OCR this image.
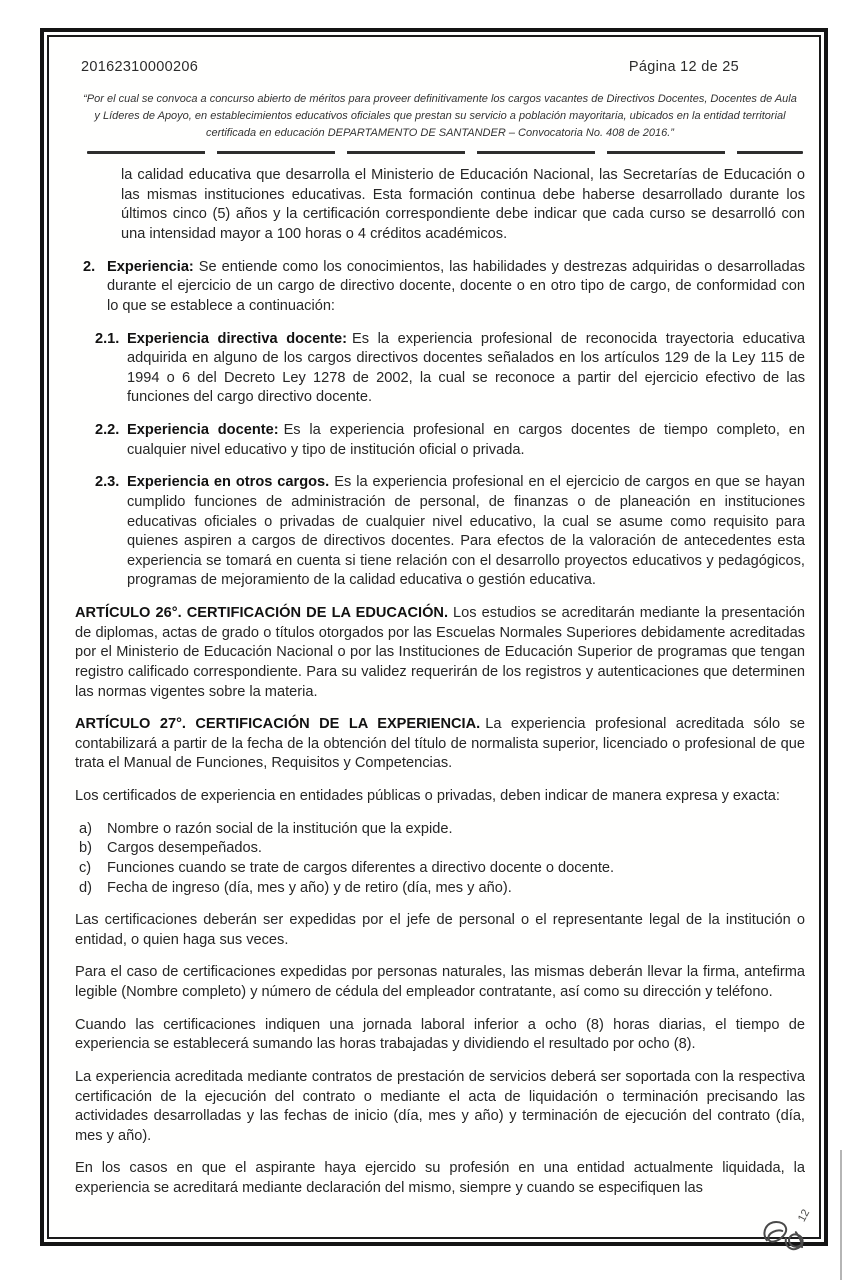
20162310000206	Página 12 de 25
“Por el cual se convoca a concurso abierto de méritos para proveer definitivamente los cargos vacantes de Directivos Docentes, Docentes de Aula y Líderes de Apoyo, en establecimientos educativos oficiales que prestan su servicio a población mayoritaria, ubicados en la entidad territorial certificada en educación DEPARTAMENTO DE SANTANDER – Convocatoria No. 408 de 2016.”

la calidad educativa que desarrolla el Ministerio de Educación Nacional, las Secretarías de Educación o las mismas instituciones educativas. Esta formación continua debe haberse desarrollado durante los últimos cinco (5) años y la certificación correspondiente debe indicar que cada curso se desarrolló con una intensidad mayor a 100 horas o 4 créditos académicos.

2. Experiencia: Se entiende como los conocimientos, las habilidades y destrezas adquiridas o desarrolladas durante el ejercicio de un cargo de directivo docente, docente o en otro tipo de cargo, de conformidad con lo que se establece a continuación:
2.1. Experiencia directiva docente: Es la experiencia profesional de reconocida trayectoria educativa adquirida en alguno de los cargos directivos docentes señalados en los artículos 129 de la Ley 115 de 1994 o 6 del Decreto Ley 1278 de 2002, la cual se reconoce a partir del ejercicio efectivo de las funciones del cargo directivo docente.
2.2. Experiencia docente: Es la experiencia profesional en cargos docentes de tiempo completo, en cualquier nivel educativo y tipo de institución oficial o privada.
2.3. Experiencia en otros cargos. Es la experiencia profesional en el ejercicio de cargos en que se hayan cumplido funciones de administración de personal, de finanzas o de planeación en instituciones educativas oficiales o privadas de cualquier nivel educativo, la cual se asume como requisito para quienes aspiren a cargos de directivos docentes. Para efectos de la valoración de antecedentes esta experiencia se tomará en cuenta si tiene relación con el desarrollo proyectos educativos y pedagógicos, programas de mejoramiento de la calidad educativa o gestión educativa.

ARTÍCULO 26°. CERTIFICACIÓN DE LA EDUCACIÓN. Los estudios se acreditarán mediante la presentación de diplomas, actas de grado o títulos otorgados por las Escuelas Normales Superiores debidamente acreditadas por el Ministerio de Educación Nacional o por las Instituciones de Educación Superior de programas que tengan registro calificado correspondiente. Para su validez requerirán de los registros y autenticaciones que determinen las normas vigentes sobre la materia.

ARTÍCULO 27°. CERTIFICACIÓN DE LA EXPERIENCIA. La experiencia profesional acreditada sólo se contabilizará a partir de la fecha de la obtención del título de normalista superior, licenciado o profesional de que trata el Manual de Funciones, Requisitos y Competencias.

Los certificados de experiencia en entidades públicas o privadas, deben indicar de manera expresa y exacta:

a)	Nombre o razón social de la institución que la expide.
b)	Cargos desempeñados.
c)	Funciones cuando se trate de cargos diferentes a directivo docente o docente.
d)	Fecha de ingreso (día, mes y año) y de retiro (día, mes y año).

Las certificaciones deberán ser expedidas por el jefe de personal o el representante legal de la institución o entidad, o quien haga sus veces.

Para el caso de certificaciones expedidas por personas naturales, las mismas deberán llevar la firma, antefirma legible (Nombre completo) y número de cédula del empleador contratante, así como su dirección y teléfono.

Cuando las certificaciones indiquen una jornada laboral inferior a ocho (8) horas diarias, el tiempo de experiencia se establecerá sumando las horas trabajadas y dividiendo el resultado por ocho (8).

La experiencia acreditada mediante contratos de prestación de servicios deberá ser soportada con la respectiva certificación de la ejecución del contrato o mediante el acta de liquidación o terminación precisando las actividades desarrolladas y las fechas de inicio (día, mes y año) y terminación de ejecución del contrato (día, mes y año).

En los casos en que el aspirante haya ejercido su profesión en una entidad actualmente liquidada, la experiencia se acreditará mediante declaración del mismo, siempre y cuando se especifiquen las

12
